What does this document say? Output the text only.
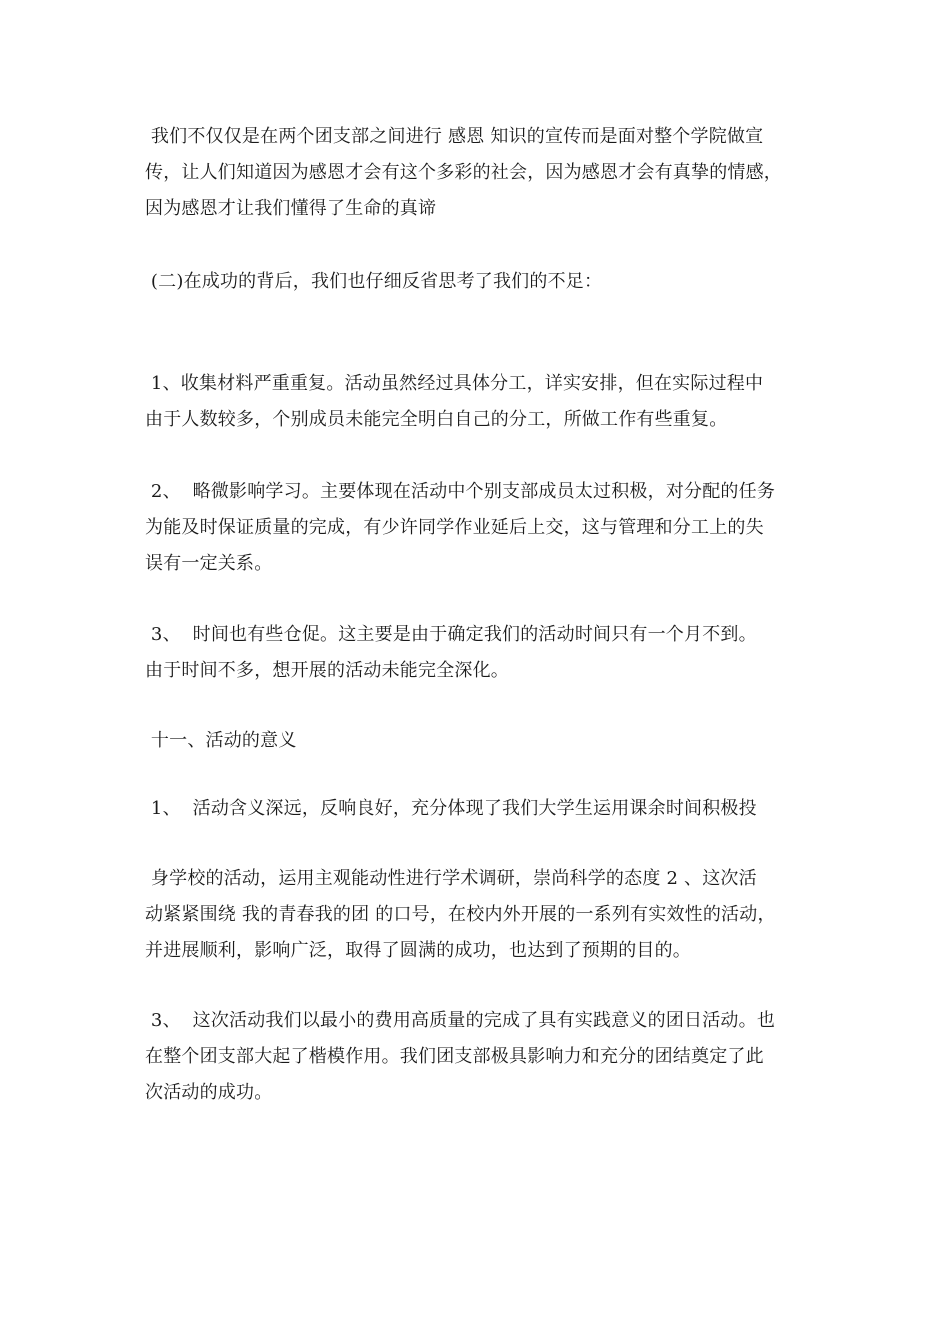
我们不仅仅是在两个团支部之间进行 感恩 知识的宣传而是面对整个学院做宣
传，让人们知道因为感恩才会有这个多彩的社会，因为感恩才会有真挚的情感，
因为感恩才让我们懂得了生命的真谛
(二)在成功的背后，我们也仔细反省思考了我们的不足：
1、收集材料严重重复。活动虽然经过具体分工，详实安排，但在实际过程中
由于人数较多，个别成员未能完全明白自己的分工，所做工作有些重复。
2、  略微影响学习。主要体现在活动中个别支部成员太过积极，对分配的任务
为能及时保证质量的完成，有少许同学作业延后上交，这与管理和分工上的失
误有一定关系。
3、  时间也有些仓促。这主要是由于确定我们的活动时间只有一个月不到。
由于时间不多，想开展的活动未能完全深化。
十一、活动的意义
1、  活动含义深远，反响良好，充分体现了我们大学生运用课余时间积极投
身学校的活动，运用主观能动性进行学术调研，崇尚科学的态度 2 、这次活
动紧紧围绕 我的青春我的团 的口号，在校内外开展的一系列有实效性的活动，
并进展顺利，影响广泛，取得了圆满的成功，也达到了预期的目的。
3、  这次活动我们以最小的费用高质量的完成了具有实践意义的团日活动。也
在整个团支部大起了楷模作用。我们团支部极具影响力和充分的团结奠定了此
次活动的成功。
